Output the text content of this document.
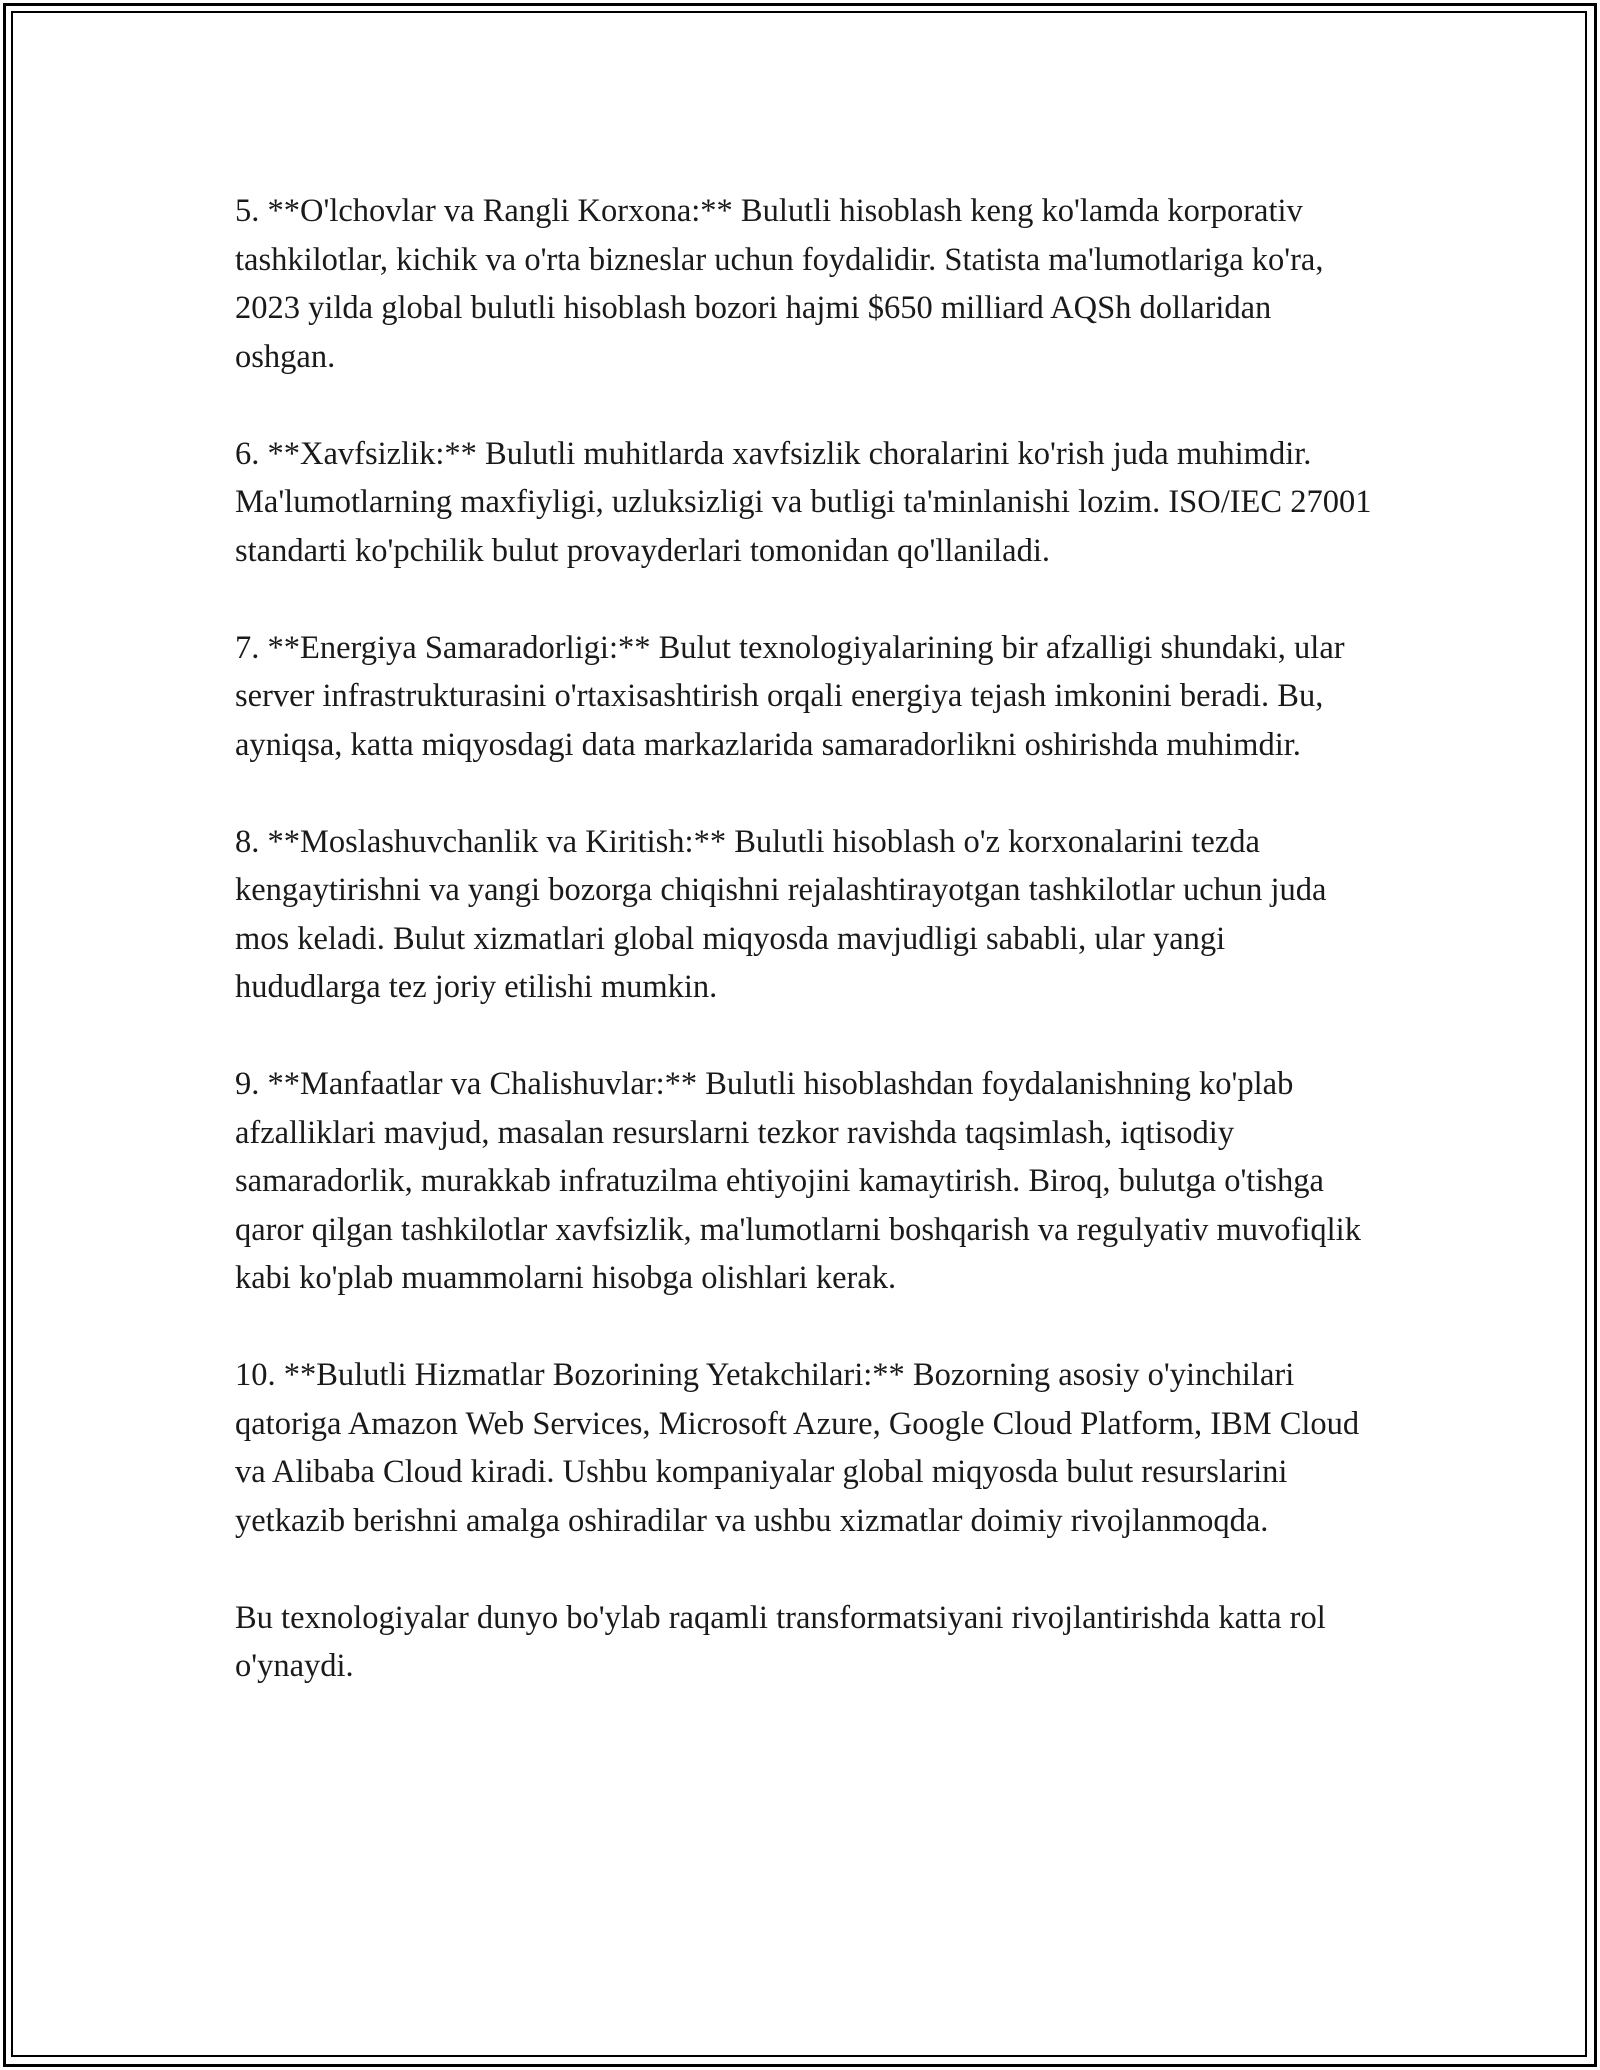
5. **O'lchovlar va Rangli Korxona:** Bulutli hisoblash keng ko'lamda korporativ tashkilotlar, kichik va o'rta bizneslar uchun foydalidir. Statista ma'lumotlariga ko'ra, 2023 yilda global bulutli hisoblash bozori hajmi $650 milliard AQSh dollaridan oshgan.

6. **Xavfsizlik:** Bulutli muhitlarda xavfsizlik choralarini ko'rish juda muhimdir. Ma'lumotlarning maxfiyligi, uzluksizligi va butligi ta'minlanishi lozim. ISO/IEC 27001 standarti ko'pchilik bulut provayderlari tomonidan qo'llaniladi.

7. **Energiya Samaradorligi:** Bulut texnologiyalarining bir afzalligi shundaki, ular server infrastrukturasini o'rtaxisashtirish orqali energiya tejash imkonini beradi. Bu, ayniqsa, katta miqyosdagi data markazlarida samaradorlikni oshirishda muhimdir.

8. **Moslashuvchanlik va Kiritish:** Bulutli hisoblash o'z korxonalarini tezda kengaytirishni va yangi bozorga chiqishni rejalashtirayotgan tashkilotlar uchun juda mos keladi. Bulut xizmatlari global miqyosda mavjudligi sababli, ular yangi hududlarga tez joriy etilishi mumkin.

9. **Manfaatlar va Chalishuvlar:** Bulutli hisoblashdan foydalanishning ko'plab afzalliklari mavjud, masalan resurslarni tezkor ravishda taqsimlash, iqtisodiy samaradorlik, murakkab infratuzilma ehtiyojini kamaytirish. Biroq, bulutga o'tishga qaror qilgan tashkilotlar xavfsizlik, ma'lumotlarni boshqarish va regulyativ muvofiqlik kabi ko'plab muammolarni hisobga olishlari kerak.

10. **Bulutli Hizmatlar Bozorining Yetakchilari:** Bozorning asosiy o'yinchilari qatoriga Amazon Web Services, Microsoft Azure, Google Cloud Platform, IBM Cloud va Alibaba Cloud kiradi. Ushbu kompaniyalar global miqyosda bulut resurslarini yetkazib berishni amalga oshiradilar va ushbu xizmatlar doimiy rivojlanmoqda.

Bu texnologiyalar dunyo bo'ylab raqamli transformatsiyani rivojlantirishda katta rol o'ynaydi.
